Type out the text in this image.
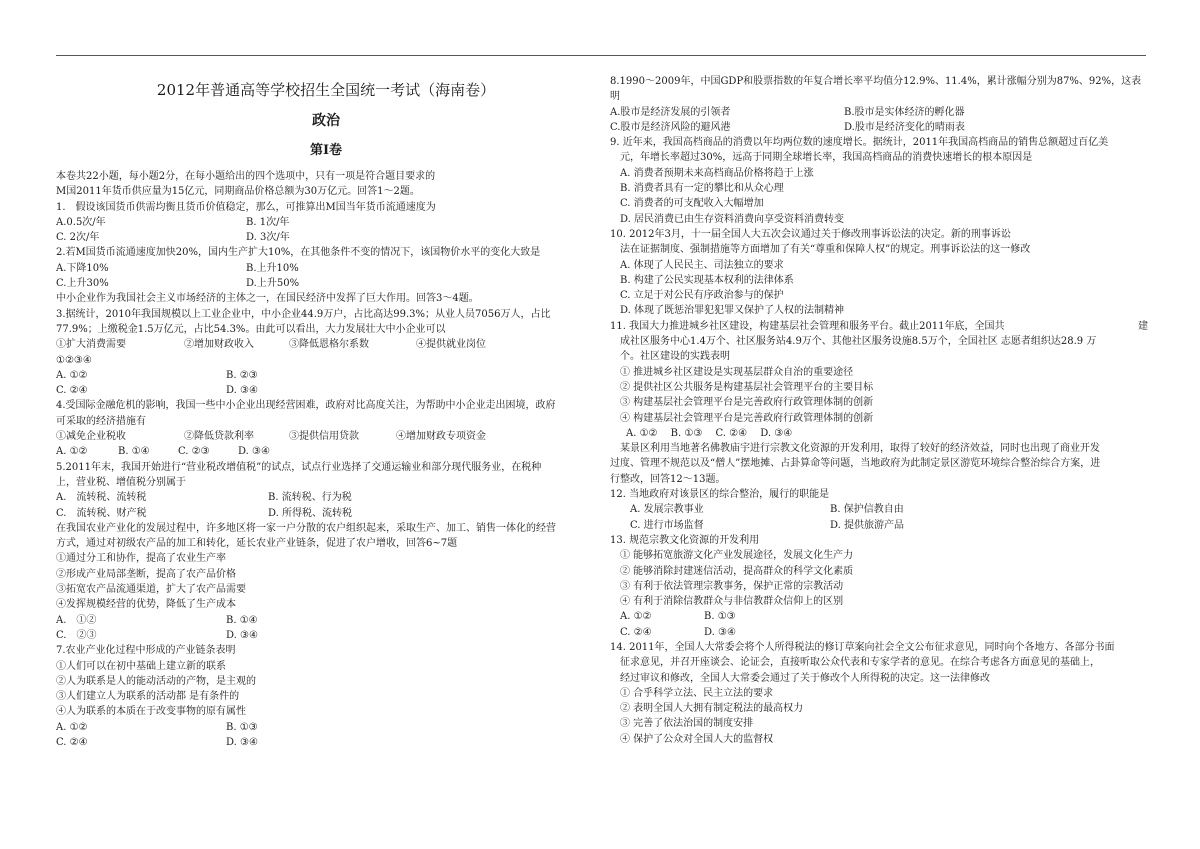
2012年普通高等学校招生全国统一考试（海南卷）
政治
第Ⅰ卷
本卷共22小题，每小题2分，在每小题给出的四个选项中，只有一项是符合题目要求的
M国2011年货币供应量为15亿元，同期商品价格总额为30万亿元。回答1～2题。
1.　假设该国货币供需均衡且货币价值稳定，那么，可推算出M国当年货币流通速度为
A.0.5次/年	B. 1次/年
C. 2次/年	D. 3次/年
2.若M国货币流通速度加快20%，国内生产扩大10%，在其他条件不变的情况下，该国物价水平的变化大致是
A.下降10%	B.上升10%
C.上升30%	D.上升50%
中小企业作为我国社会主义市场经济的主体之一，在国民经济中发挥了巨大作用。回答3～4题。
3.据统计，2010年我国规模以上工业企业中，中小企业44.9万户，占比高达99.3%；从业人员7056万人，占比
77.9%；上缴税金1.5万亿元，占比54.3%。由此可以看出，大力发展壮大中小企业可以
①扩大消费需要	②增加财政收入	③降低恩格尔系数	④提供就业岗位
①②③④
A. ①②	B. ②③
C. ②④	D. ③④
4.受国际金融危机的影响，我国一些中小企业出现经营困难，政府对比高度关注，为帮助中小企业走出困境，政府
可采取的经济措施有
①减免企业税收	②降低贷款利率	③提供信用贷款	④增加财政专项资金
A. ①②	B. ①④	C. ②③	D. ③④
5.2011年末，我国开始进行“营业税改增值税”的试点，试点行业选择了交通运输业和部分现代服务业，在税种
上，营业税、增值税分别属于
A.　流转税、流转税	B. 流转税、行为税
C.　流转税、财产税	D. 所得税、流转税
在我国农业产业化的发展过程中，许多地区将一家一户分散的农户组织起来，采取生产、加工、销售一体化的经营
方式，通过对初级农产品的加工和转化，延长农业产业链条，促进了农户增收，回答6~7题
①通过分工和协作，提高了农业生产率
②形成产业局部垄断，提高了农产品价格
③拓宽农产品流通渠道，扩大了农产品需要
④发挥规模经营的优势，降低了生产成本
A.　①②	B. ①④
C.　②③	D. ③④
7.农业产业化过程中形成的产业链条表明
①人们可以在初中基础上建立新的联系
②人为联系是人的能动活动的产物，是主观的
③人们建立人为联系的活动都 是有条件的
④人为联系的本质在于改变事物的原有属性
A. ①②	B. ①③
C. ②④	D. ③④
8.1990～2009年，中国GDP和股票指数的年复合增长率平均值分12.9%、11.4%，累计涨幅分别为87%、92%，这表
明
A.股市是经济发展的引领者	B.股市是实体经济的孵化器
C.股市是经济风险的避风港	D.股市是经济变化的晴雨表
9. 近年来，我国高档商品的消费以年均两位数的速度增长。据统计，2011年我国高档商品的销售总额超过百亿美
元，年增长率超过30%，远高于同期全球增长率，我国高档商品的消费快速增长的根本原因是
A. 消费者预期未来高档商品价格将趋于上涨
B. 消费者具有一定的攀比和从众心理
C. 消费者的可支配收入大幅增加
D. 居民消费已由生存资料消费向享受资料消费转变
10. 2012年3月，十一届全国人大五次会议通过关于修改刑事诉讼法的决定。新的刑事诉讼
法在证据制度、强制措施等方面增加了有关“尊重和保障人权”的规定。刑事诉讼法的这一修改
A. 体现了人民民主、司法独立的要求
B. 构建了公民实现基本权利的法律体系
C. 立足于对公民有序政治参与的保护
D. 体现了既惩治罪犯犯罪又保护了人权的法制精神
11. 我国大力推进城乡社区建设，构建基层社会管理和服务平台。截止2011年底，全国共	建
成社区服务中心1.4万个、社区服务站4.9万个、其他社区服务设施8.5万个，全国社区 志愿者组织达28.9 万
个。社区建设的实践表明
① 推进城乡社区建设是实现基层群众自治的重要途径
② 提供社区公共服务是构建基层社会管理平台的主要目标
③ 构建基层社会管理平台是完善政府行政管理体制的创新
④ 构建基层社会管理平台是完善政府行政管理体制的创新
A. ①②　 B. ①③　 C. ②④　 D. ③④
某景区利用当地著名佛教庙宇进行宗教文化资源的开发利用，取得了较好的经济效益，同时也出现了商业开发
过度、管理不规范以及“僧人”摆地摊、占卦算命等问题，当地政府为此制定景区游览环境综合整治综合方案，进
行整改，回答12～13题。
12. 当地政府对该景区的综合整治，履行的职能是
A. 发展宗教事业	B. 保护信教自由
C. 进行市场监督	D. 提供旅游产品
13. 规范宗教文化资源的开发利用
① 能够拓宽旅游文化产业发展途径，发展文化生产力
② 能够消除封建迷信活动，提高群众的科学文化素质
③ 有利于依法管理宗教事务，保护正常的宗教活动
④ 有利于消除信教群众与非信教群众信仰上的区别
A. ①②	B. ①③
C. ②④	D. ③④
14. 2011年，全国人大常委会将个人所得税法的修订草案向社会全文公布征求意见，同时向个各地方、各部分书面
征求意见，并召开座谈会、论证会，直接听取公众代表和专家学者的意见。在综合考虑各方面意见的基础上，
经过审议和修改，全国人大常委会通过了关于修改个人所得税的决定。这一法律修改
① 合乎科学立法、民主立法的要求
② 表明全国人大拥有制定税法的最高权力
③ 完善了依法治国的制度安排
④ 保护了公众对全国人大的监督权
